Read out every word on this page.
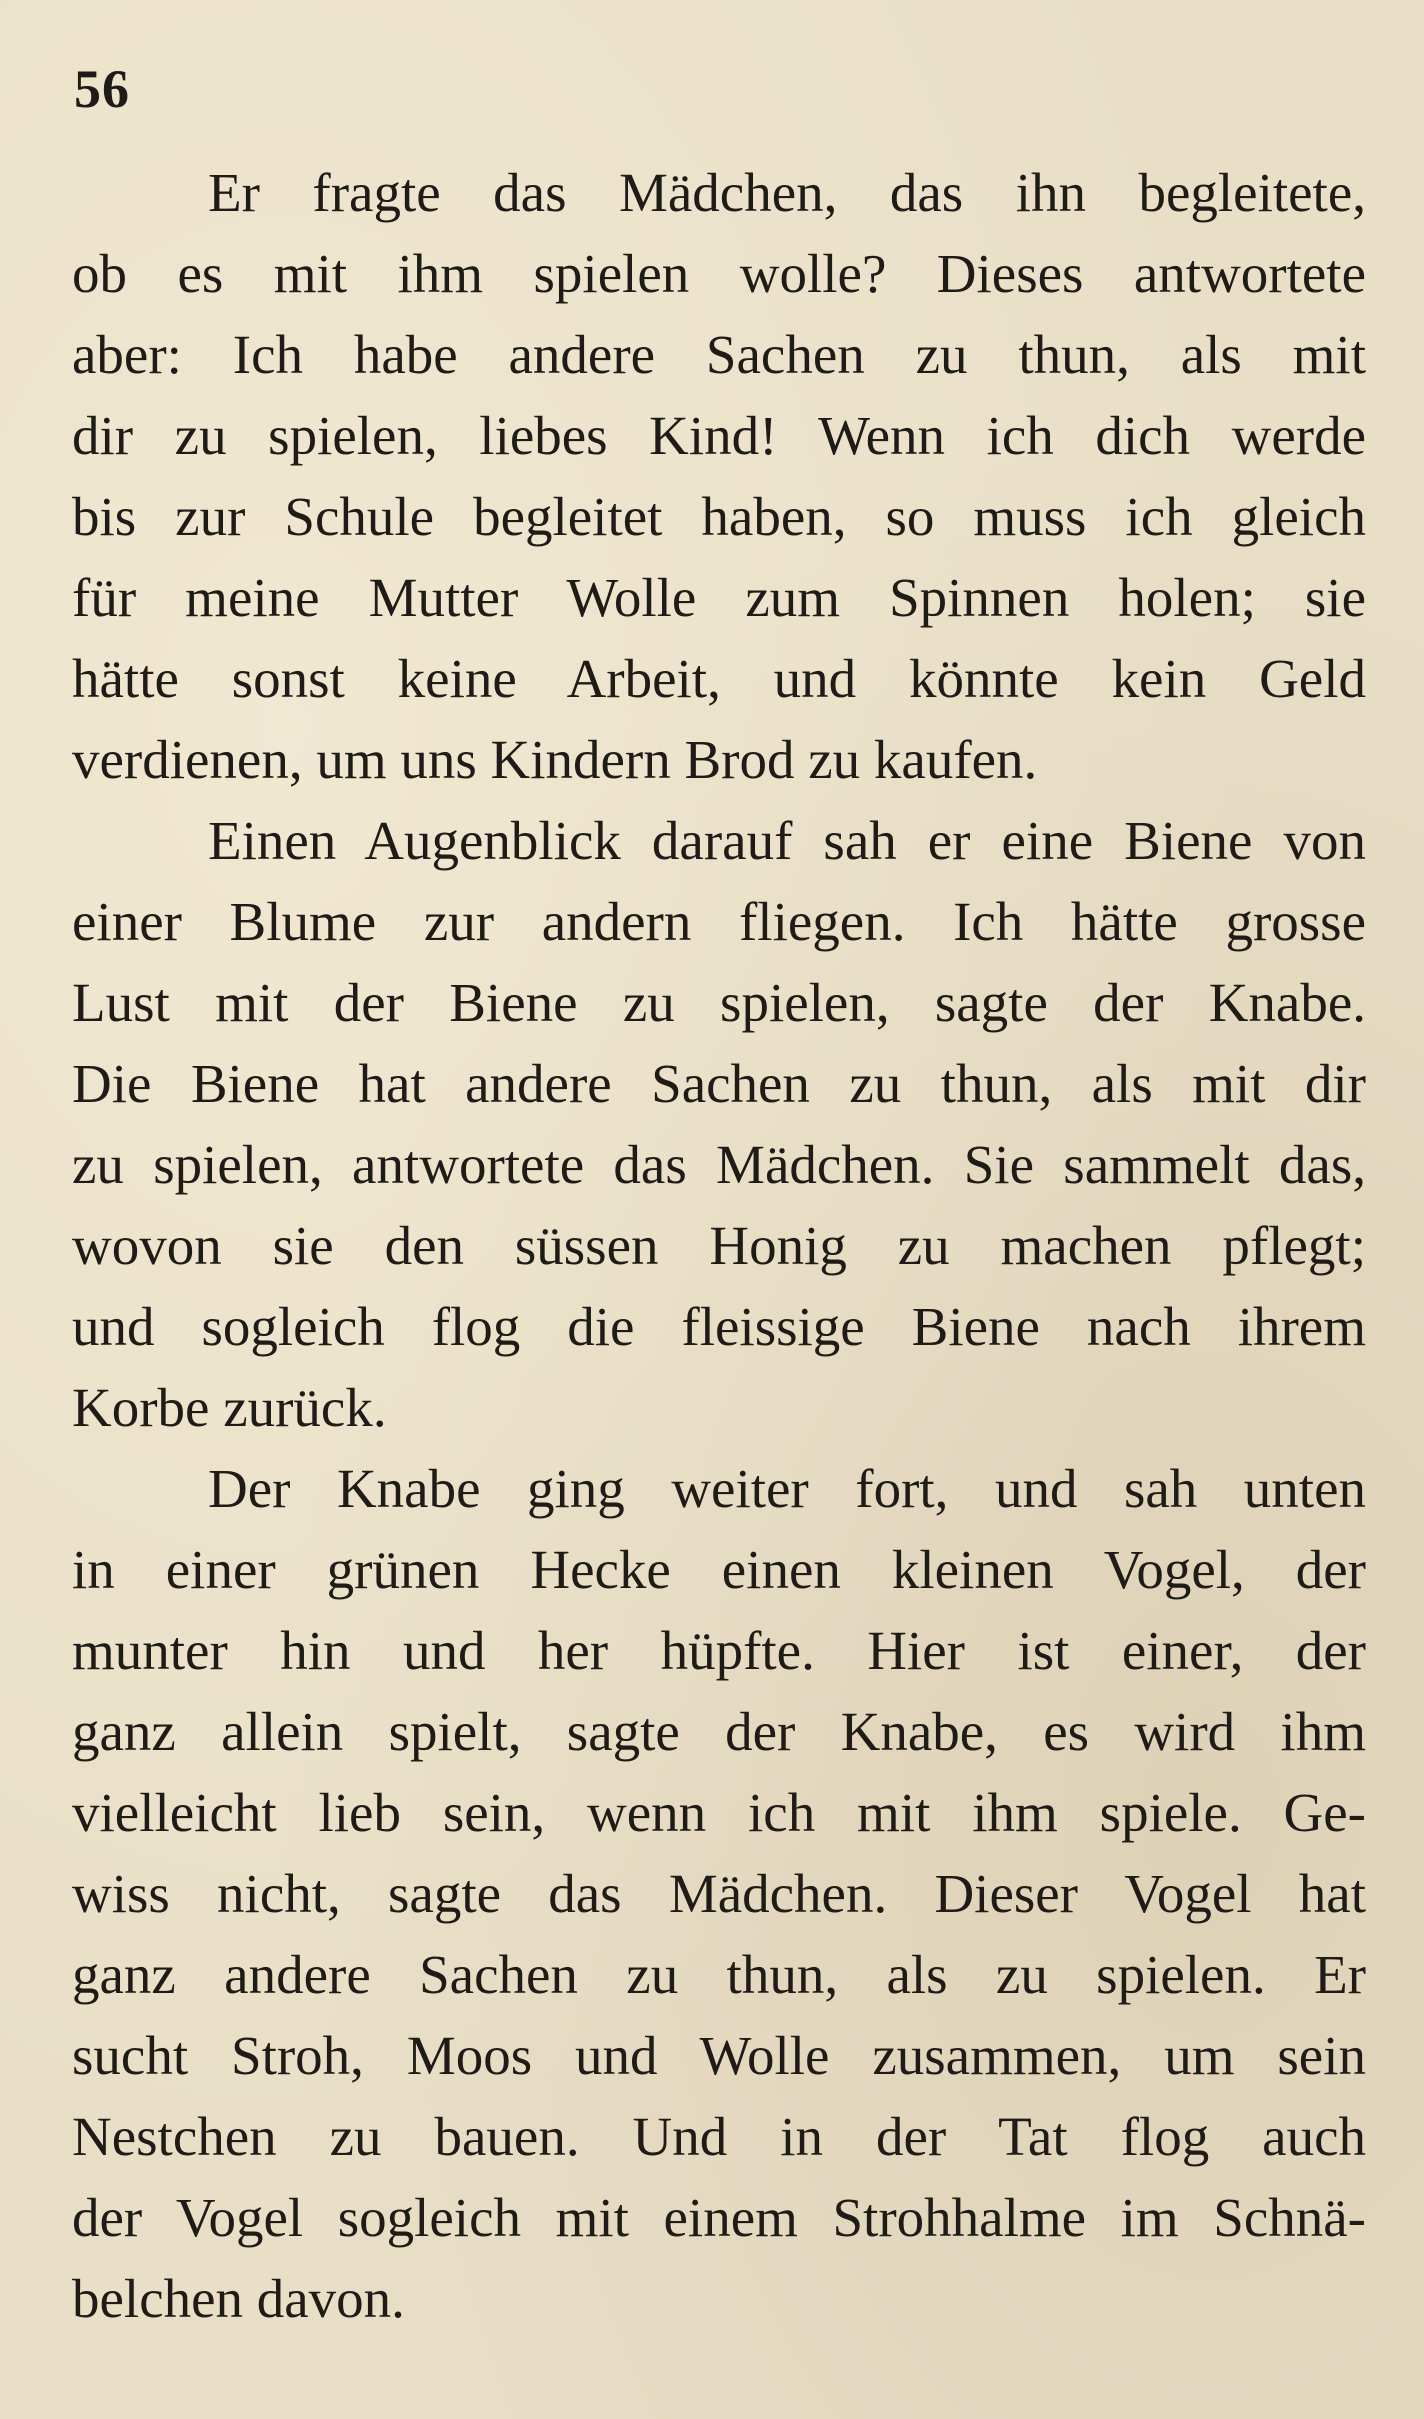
56

Er fragte das Mädchen, das ihn begleitete,
ob es mit ihm spielen wolle? Dieses antwortete
aber: Ich habe andere Sachen zu thun, als mit
dir zu spielen, liebes Kind! Wenn ich dich werde
bis zur Schule begleitet haben, so muss ich gleich
für meine Mutter Wolle zum Spinnen holen; sie
hätte sonst keine Arbeit, und könnte kein Geld
verdienen, um uns Kindern Brod zu kaufen.

Einen Augenblick darauf sah er eine Biene von
einer Blume zur andern fliegen. Ich hätte grosse
Lust mit der Biene zu spielen, sagte der Knabe.
Die Biene hat andere Sachen zu thun, als mit dir
zu spielen, antwortete das Mädchen. Sie sammelt das,
wovon sie den süssen Honig zu machen pflegt;
und sogleich flog die fleissige Biene nach ihrem
Korbe zurück.

Der Knabe ging weiter fort, und sah unten
in einer grünen Hecke einen kleinen Vogel, der
munter hin und her hüpfte. Hier ist einer, der
ganz allein spielt, sagte der Knabe, es wird ihm
vielleicht lieb sein, wenn ich mit ihm spiele. Ge-
wiss nicht, sagte das Mädchen. Dieser Vogel hat
ganz andere Sachen zu thun, als zu spielen. Er
sucht Stroh, Moos und Wolle zusammen, um sein
Nestchen zu bauen. Und in der Tat flog auch
der Vogel sogleich mit einem Strohhalme im Schnä-
belchen davon.
